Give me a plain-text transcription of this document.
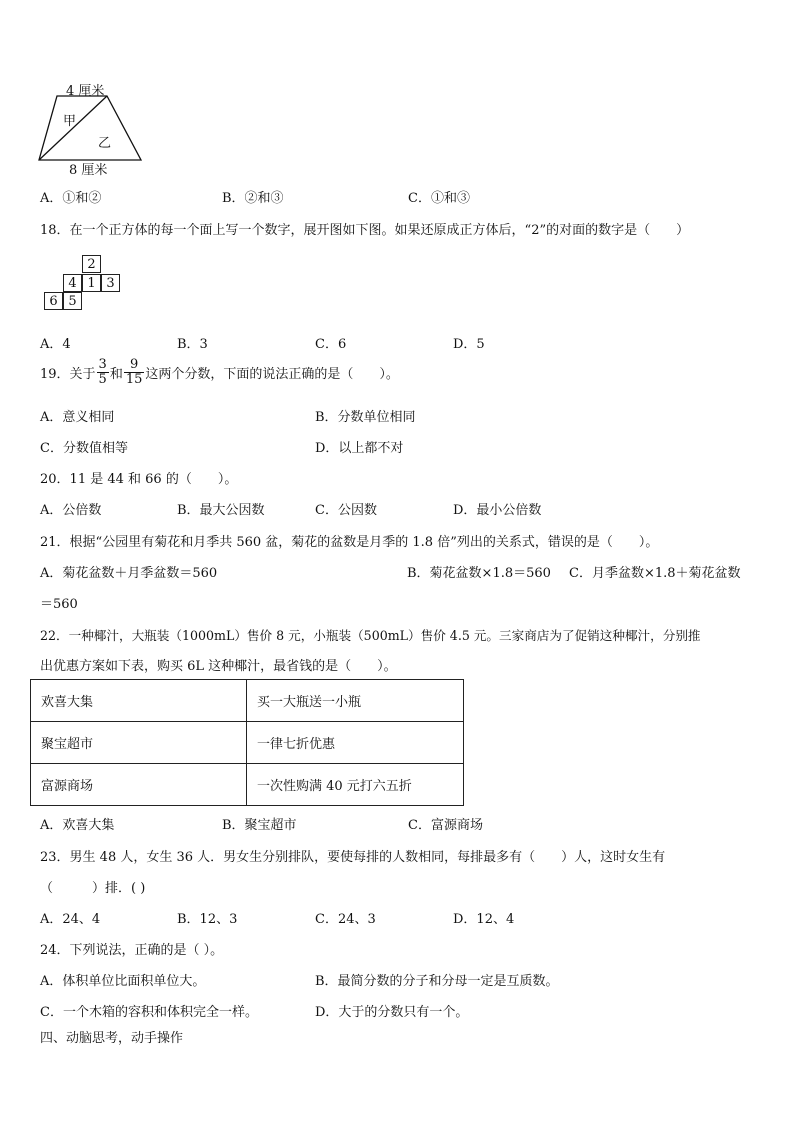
4 厘米
甲
乙
8 厘米
A．①和②	B．②和③	C．①和③
18．在一个正方体的每一个面上写一个数字，展开图如下图。如果还原成正方体后，“2”的对面的数字是（　　）
2
4 1 3
6 5
A．4	B．3	C．6	D．5
19．关于 $\frac{3}{5}$ 和 $\frac{9}{15}$ 这两个分数，下面的说法正确的是（　　）。
A．意义相同	B．分数单位相同
C．分数值相等	D．以上都不对
20．11 是 44 和 66 的（　　）。
A．公倍数	B．最大公因数	C．公因数	D．最小公倍数
21．根据“公园里有菊花和月季共 560 盆，菊花的盆数是月季的 1.8 倍”列出的关系式，错误的是（　　）。
A．菊花盆数＋月季盆数＝560	B．菊花盆数×1.8＝560 C．月季盆数×1.8＋菊花盆数
＝560
22．一种椰汁，大瓶装（1000mL）售价 8 元，小瓶装（500mL）售价 4.5 元。三家商店为了促销这种椰汁，分别推
出优惠方案如下表，购买 6L 这种椰汁，最省钱的是（　　）。
欢喜大集	买一大瓶送一小瓶
聚宝超市	一律七折优惠
富源商场	一次性购满 40 元打六五折
A．欢喜大集	B．聚宝超市	C．富源商场
23．男生 48 人，女生 36 人．男女生分别排队，要使每排的人数相同，每排最多有（　　）人，这时女生有
（　　　）排．( )
A．24、4	B．12、3	C．24、3	D．12、4
24．下列说法，正确的是（ ）。
A．体积单位比面积单位大。	B．最简分数的分子和分母一定是互质数。
C．一个木箱的容积和体积完全一样。	D．大于的分数只有一个。
四、动脑思考，动手操作
